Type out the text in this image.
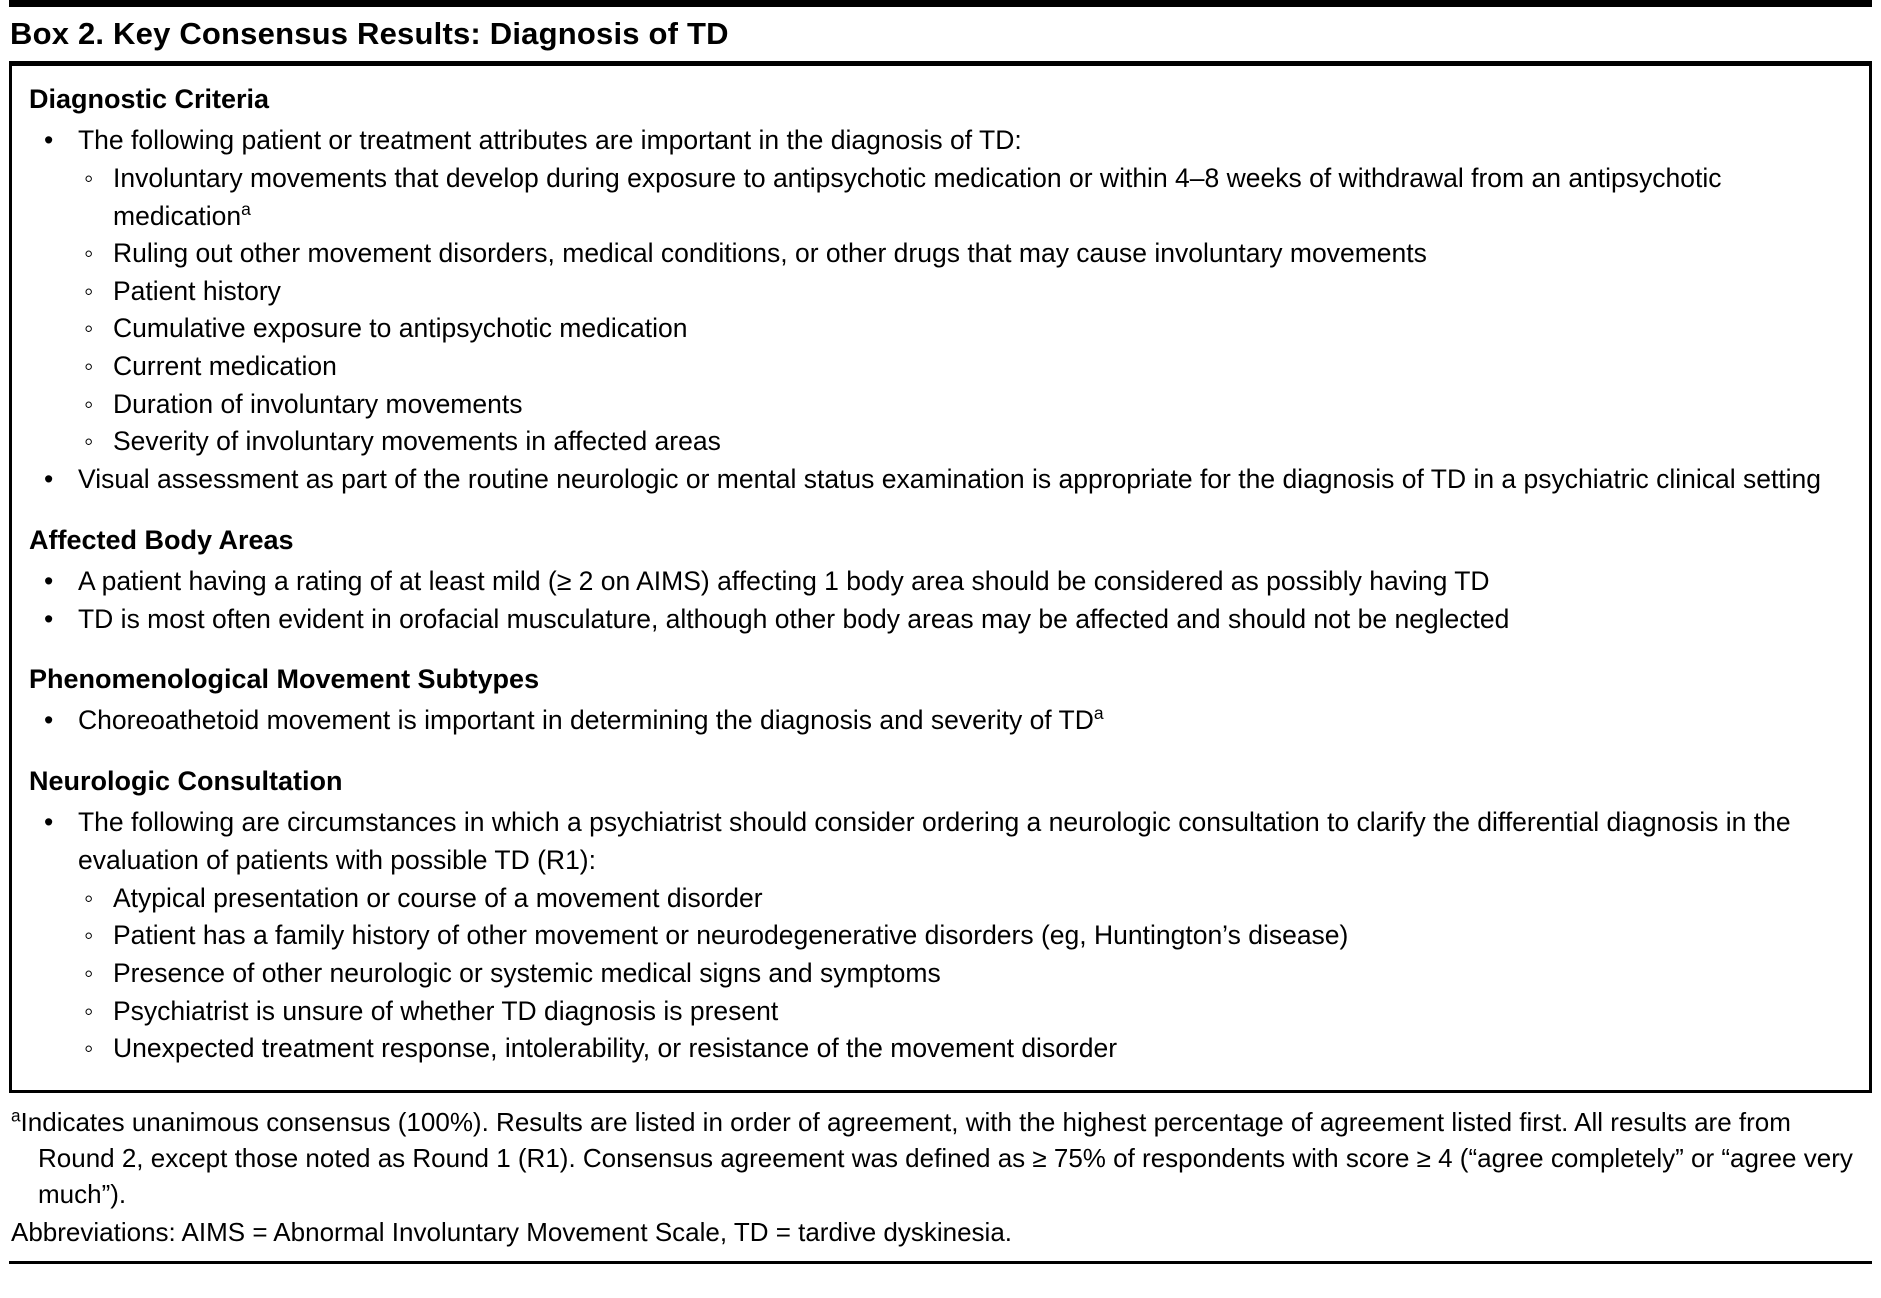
Box 2. Key Consensus Results: Diagnosis of TD
Diagnostic Criteria
• The following patient or treatment attributes are important in the diagnosis of TD:
◦ Involuntary movements that develop during exposure to antipsychotic medication or within 4–8 weeks of withdrawal from an antipsychotic medication$^a$
◦ Ruling out other movement disorders, medical conditions, or other drugs that may cause involuntary movements
◦ Patient history
◦ Cumulative exposure to antipsychotic medication
◦ Current medication
◦ Duration of involuntary movements
◦ Severity of involuntary movements in affected areas
• Visual assessment as part of the routine neurologic or mental status examination is appropriate for the diagnosis of TD in a psychiatric clinical setting
Affected Body Areas
• A patient having a rating of at least mild (≥ 2 on AIMS) affecting 1 body area should be considered as possibly having TD
• TD is most often evident in orofacial musculature, although other body areas may be affected and should not be neglected
Phenomenological Movement Subtypes
• Choreoathetoid movement is important in determining the diagnosis and severity of $TD^a$
Neurologic Consultation
• The following are circumstances in which a psychiatrist should consider ordering a neurologic consultation to clarify the differential diagnosis in the evaluation of patients with possible TD (R1):
◦ Atypical presentation or course of a movement disorder
◦ Patient has a family history of other movement or neurodegenerative disorders (eg, Huntington’s disease)
◦ Presence of other neurologic or systemic medical signs and symptoms
◦ Psychiatrist is unsure of whether TD diagnosis is present
◦ Unexpected treatment response, intolerability, or resistance of the movement disorder

$^a$Indicates unanimous consensus (100%). Results are listed in order of agreement, with the highest percentage of agreement listed first. All results are from Round 2, except those noted as Round 1 (R1). Consensus agreement was defined as ≥ 75% of respondents with score ≥ 4 (“agree completely” or “agree very much”).

Abbreviations: AIMS = Abnormal Involuntary Movement Scale, TD = tardive dyskinesia.
